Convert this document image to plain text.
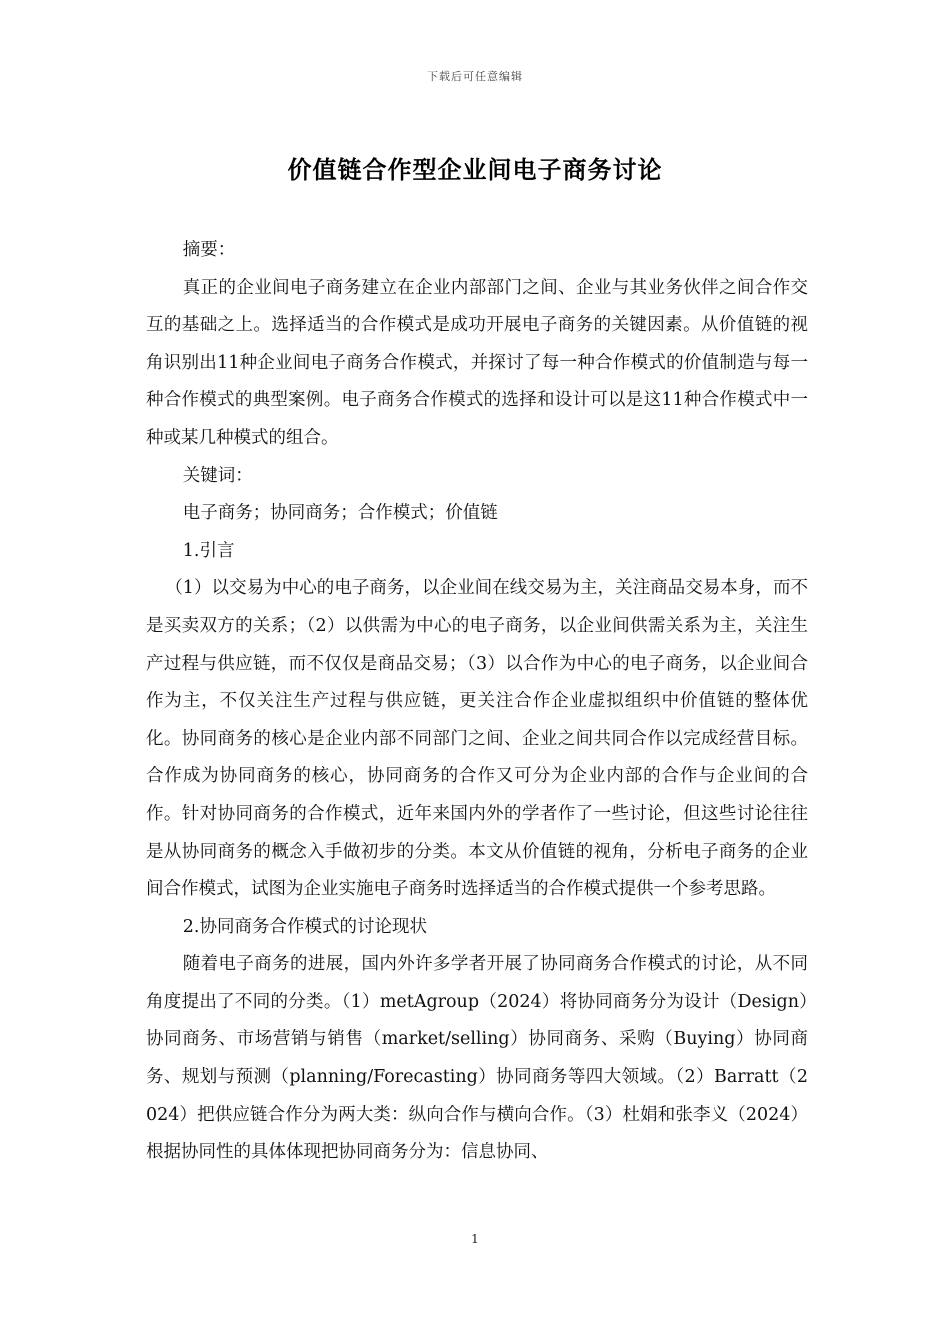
下载后可任意编辑
价值链合作型企业间电子商务讨论

摘要：

真正的企业间电子商务建立在企业内部部门之间、企业与其业务伙伴之间合作交互的基础之上。选择适当的合作模式是成功开展电子商务的关键因素。从价值链的视角识别出11种企业间电子商务合作模式，并探讨了每一种合作模式的价值制造与每一种合作模式的典型案例。电子商务合作模式的选择和设计可以是这11种合作模式中一种或某几种模式的组合。

关键词：

电子商务；协同商务；合作模式；价值链

1.引言

（1）以交易为中心的电子商务，以企业间在线交易为主，关注商品交易本身，而不是买卖双方的关系；（2）以供需为中心的电子商务，以企业间供需关系为主，关注生产过程与供应链，而不仅仅是商品交易；（3）以合作为中心的电子商务，以企业间合作为主，不仅关注生产过程与供应链，更关注合作企业虚拟组织中价值链的整体优化。协同商务的核心是企业内部不同部门之间、企业之间共同合作以完成经营目标。合作成为协同商务的核心，协同商务的合作又可分为企业内部的合作与企业间的合作。针对协同商务的合作模式，近年来国内外的学者作了一些讨论，但这些讨论往往是从协同商务的概念入手做初步的分类。本文从价值链的视角，分析电子商务的企业间合作模式，试图为企业实施电子商务时选择适当的合作模式提供一个参考思路。

2.协同商务合作模式的讨论现状

随着电子商务的进展，国内外许多学者开展了协同商务合作模式的讨论，从不同角度提出了不同的分类。（1）metAgroup（2024）将协同商务分为设计（Design）协同商务、市场营销与销售（market/selling）协同商务、采购（Buying）协同商务、规划与预测（planning/Forecasting）协同商务等四大领域。（2）Barratt（2024）把供应链合作分为两大类：纵向合作与横向合作。（3）杜娟和张李义（2024）根据协同性的具体体现把协同商务分为：信息协同、

1
